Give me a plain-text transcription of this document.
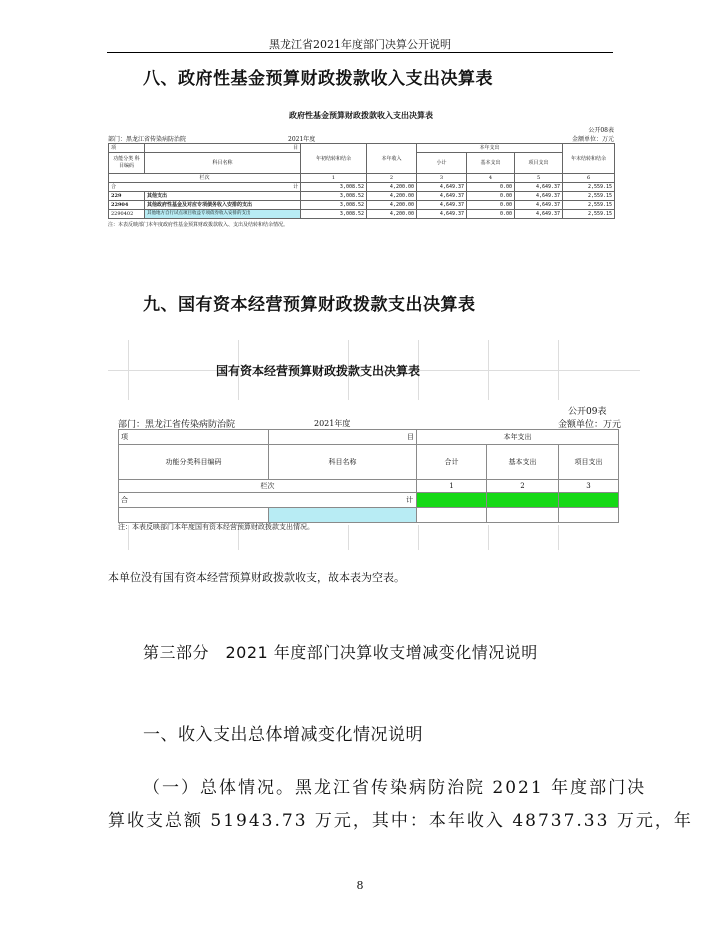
黑龙江省2021年度部门决算公开说明
八、政府性基金预算财政拨款收入支出决算表
政府性基金预算财政拨款收入支出决算表
公开08表
部门：黑龙江省传染病防治院	2021年度	金额单位：万元
项	目	年初结转和结余	本年收入	本年支出			年末结转和结余
功能分类 科目编码	科目名称			小计	基本支出	项目支出	
栏次		1	2	3	4	5	6
合 计		3,008.52	4,200.00	4,649.37	0.00	4,649.37	2,559.15
229	其他支出	3,008.52	4,200.00	4,649.37	0.00	4,649.37	2,559.15
22904	其他政府性基金及对应专项债务收入安排的支出	3,008.52	4,200.00	4,649.37	0.00	4,649.37	2,559.15
2290402	其他地方自行试点项目收益专项债券收入安排的支出	3,008.52	4,200.00	4,649.37	0.00	4,649.37	2,559.15
注：本表反映部门本年度政府性基金预算财政拨款收入、支出及结转和结余情况。
九、国有资本经营预算财政拨款支出决算表
国有资本经营预算财政拨款支出决算表
公开09表
部门：黑龙江省传染病防治院	2021年度	金额单位：万元
项	目	本年支出		
功能分类科目编码	科目名称	合计	基本支出	项目支出
栏次		1	2	3
合 计				

注：本表反映部门本年度国有资本经营预算财政拨款支出情况。
本单位没有国有资本经营预算财政拨款收支，故本表为空表。
第三部分　2021 年度部门决算收支增减变化情况说明
一、收入支出总体增减变化情况说明
（一）总体情况。黑龙江省传染病防治院 2021 年度部门决
算收支总额 51943.73 万元，其中：本年收入 48737.33 万元，年
8
